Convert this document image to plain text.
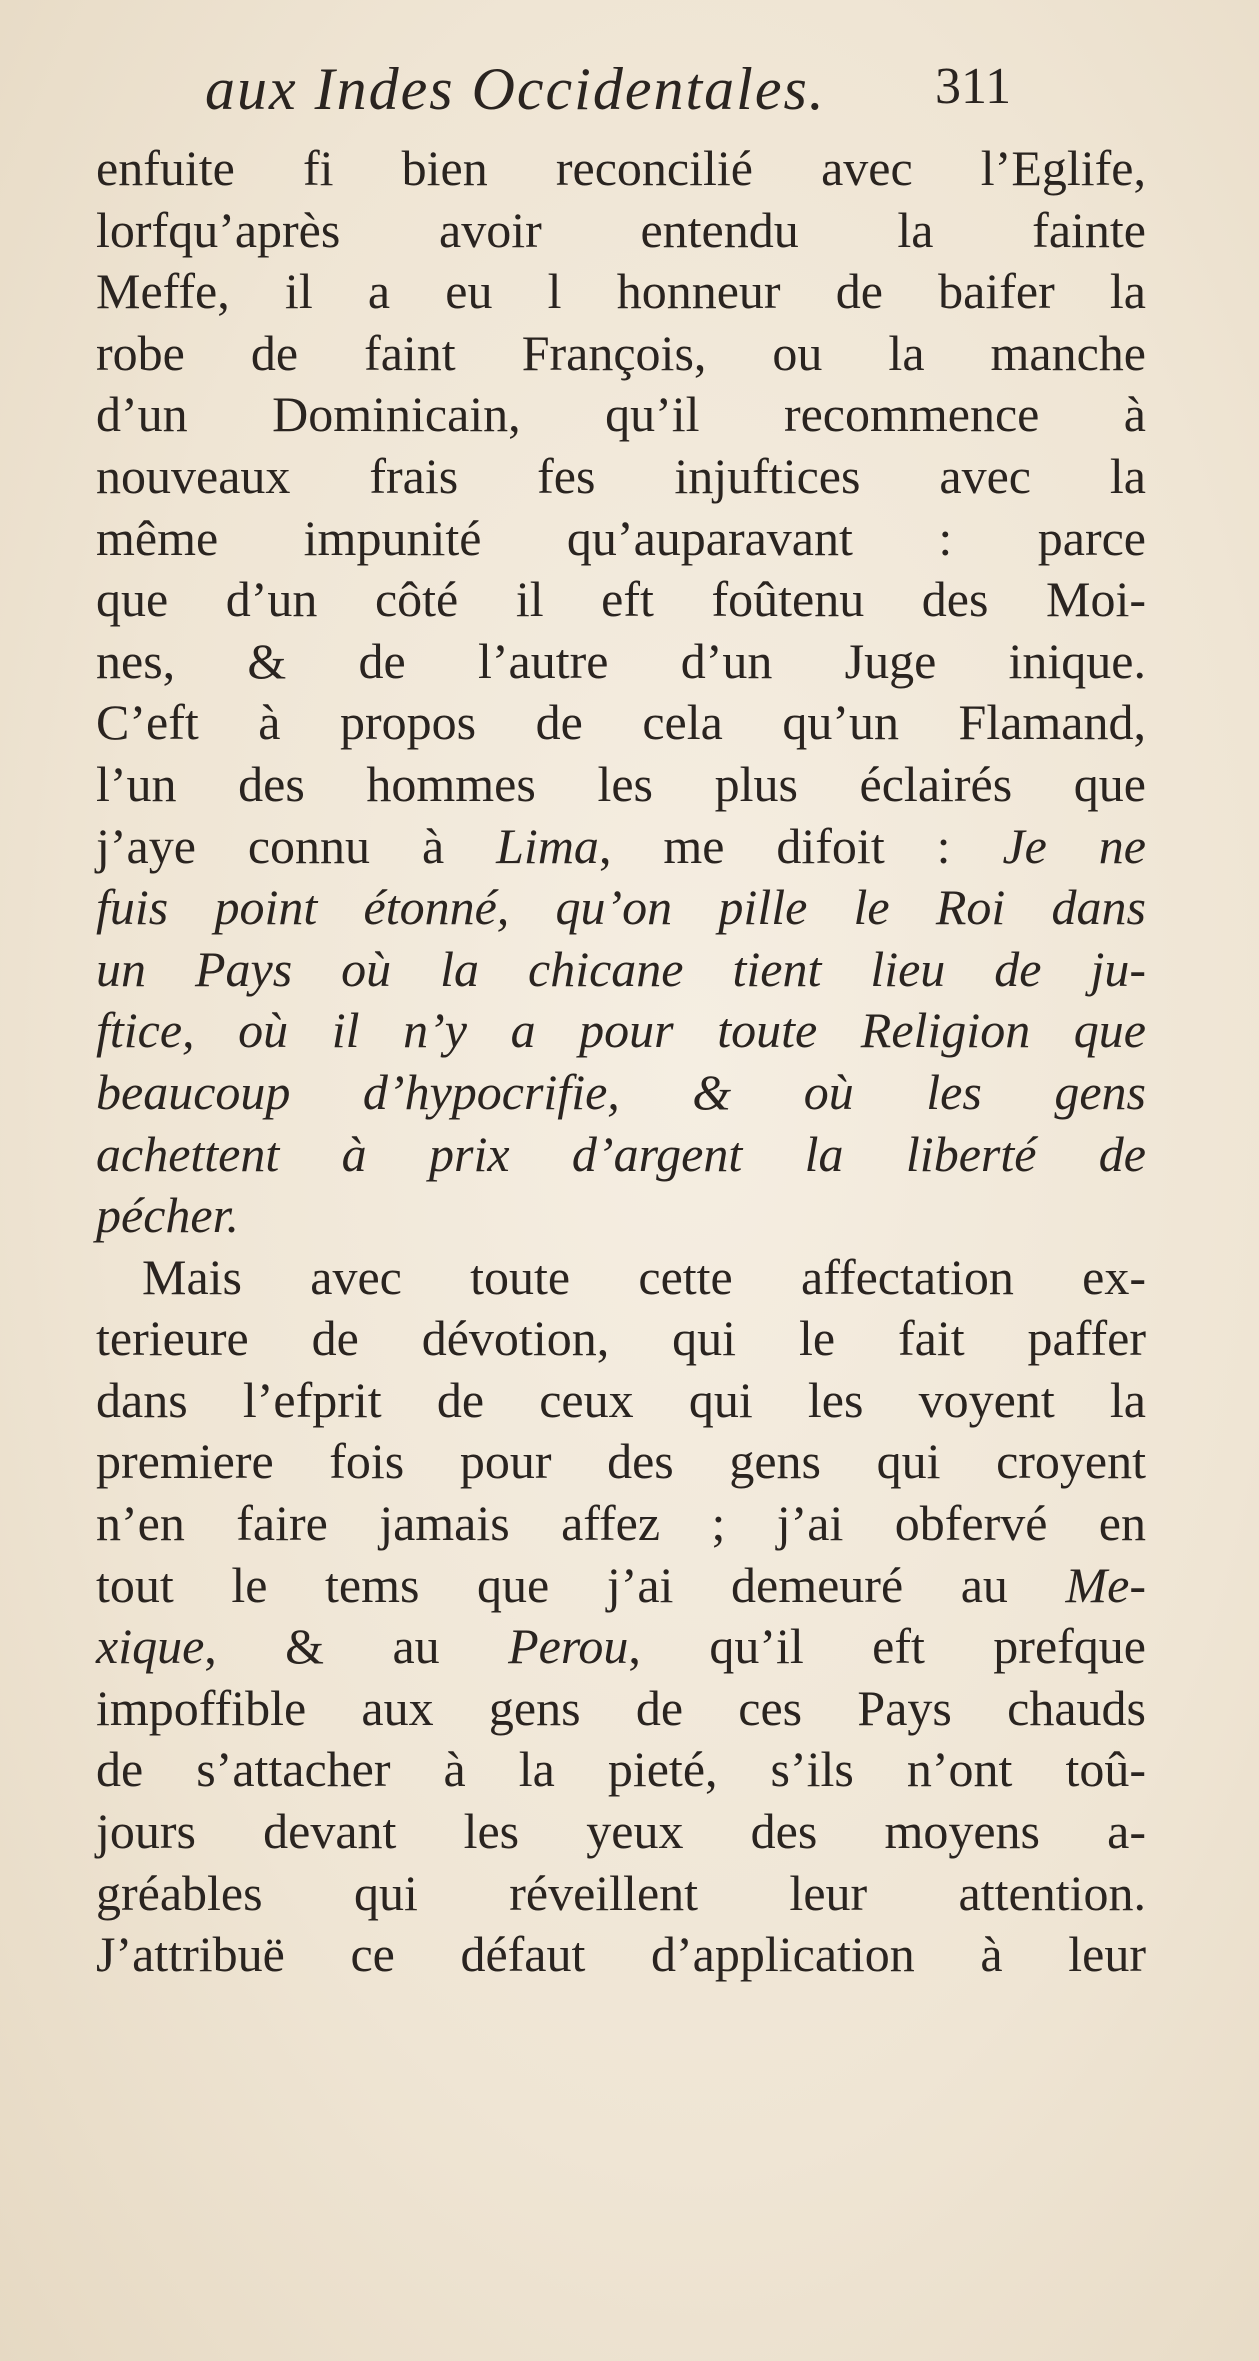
aux Indes Occidentales. 311
enfuite fi bien reconcilié avec l’Eglife,
lorfqu’après avoir entendu la fainte
Meffe, il a eu l honneur de baifer la
robe de faint François, ou la manche
d’un Dominicain, qu’il recommence à
nouveaux frais fes injuftices avec la
même impunité qu’auparavant : parce
que d’un côté il eft foûtenu des Moi-
nes, & de l’autre d’un Juge inique.
C’eft à propos de cela qu’un Flamand,
l’un des hommes les plus éclairés que
j’aye connu à Lima, me difoit : Je ne
fuis point étonné, qu’on pille le Roi dans
un Pays où la chicane tient lieu de ju-
ftice, où il n’y a pour toute Religion que
beaucoup d’hypocrifie, & où les gens
achettent à prix d’argent la liberté de
pécher.
Mais avec toute cette affectation ex-
terieure de dévotion, qui le fait paffer
dans l’efprit de ceux qui les voyent la
premiere fois pour des gens qui croyent
n’en faire jamais affez ; j’ai obfervé en
tout le tems que j’ai demeuré au Me-
xique, & au Perou, qu’il eft prefque
impoffible aux gens de ces Pays chauds
de s’attacher à la pieté, s’ils n’ont toû-
jours devant les yeux des moyens a-
gréables qui réveillent leur attention.
J’attribuë ce défaut d’application à leur
